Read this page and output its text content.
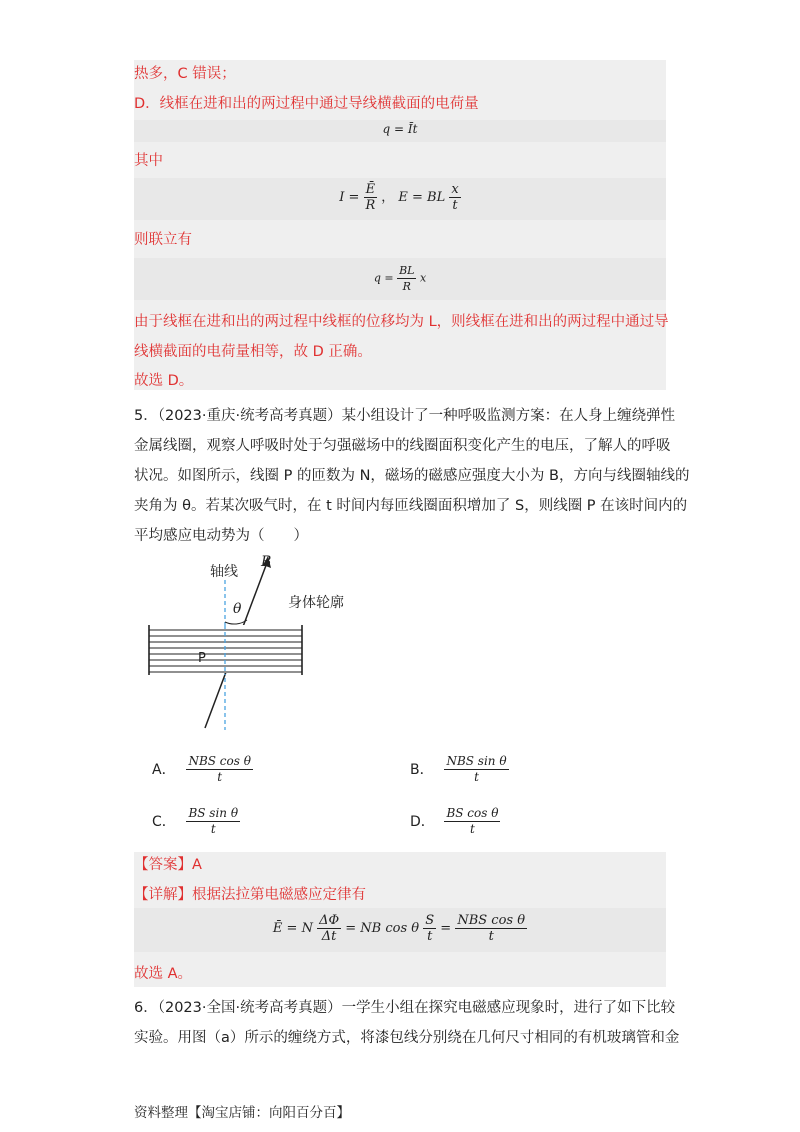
热多，C 错误；
D．线框在进和出的两过程中通过导线横截面的电荷量
q = Īt
其中
$I = \frac{Ē}{R}$ ， E = BL $\frac{x}{t}$
则联立有
$q = \frac{BL}{R}$ x
由于线框在进和出的两过程中线框的位移均为 L，则线框在进和出的两过程中通过导
线横截面的电荷量相等，故 D 正确。
故选 D。
5．（2023·重庆·统考高考真题）某小组设计了一种呼吸监测方案：在人身上缠绕弹性
金属线圈，观察人呼吸时处于匀强磁场中的线圈面积变化产生的电压，了解人的呼吸
状况。如图所示，线圈 P 的匝数为 N，磁场的磁感应强度大小为 B，方向与线圈轴线的
夹角为 θ。若某次吸气时，在 t 时间内每匝线圈面积增加了 S，则线圈 P 在该时间内的
平均感应电动势为（　　）
轴线
B
θ	身体轮廓
P
A． $\frac{\text{NBS cos θ}}{t}$	B． $\frac{\text{NBS sin θ}}{t}$
C． $\frac{\text{BS sin θ}}{t}$	D． $\frac{\text{BS cos θ}}{t}$
【答案】A
【详解】根据法拉第电磁感应定律有
Ē = N $\frac{\Delta\Phi}{\Delta t}$ = NB cos θ $\frac{S}{t} = \frac{\text{NBS cos θ}}{t}$
故选 A。
6．（2023·全国·统考高考真题）一学生小组在探究电磁感应现象时，进行了如下比较
实验。用图（a）所示的缠绕方式，将漆包线分别绕在几何尺寸相同的有机玻璃管和金
资料整理【淘宝店铺：向阳百分百】
